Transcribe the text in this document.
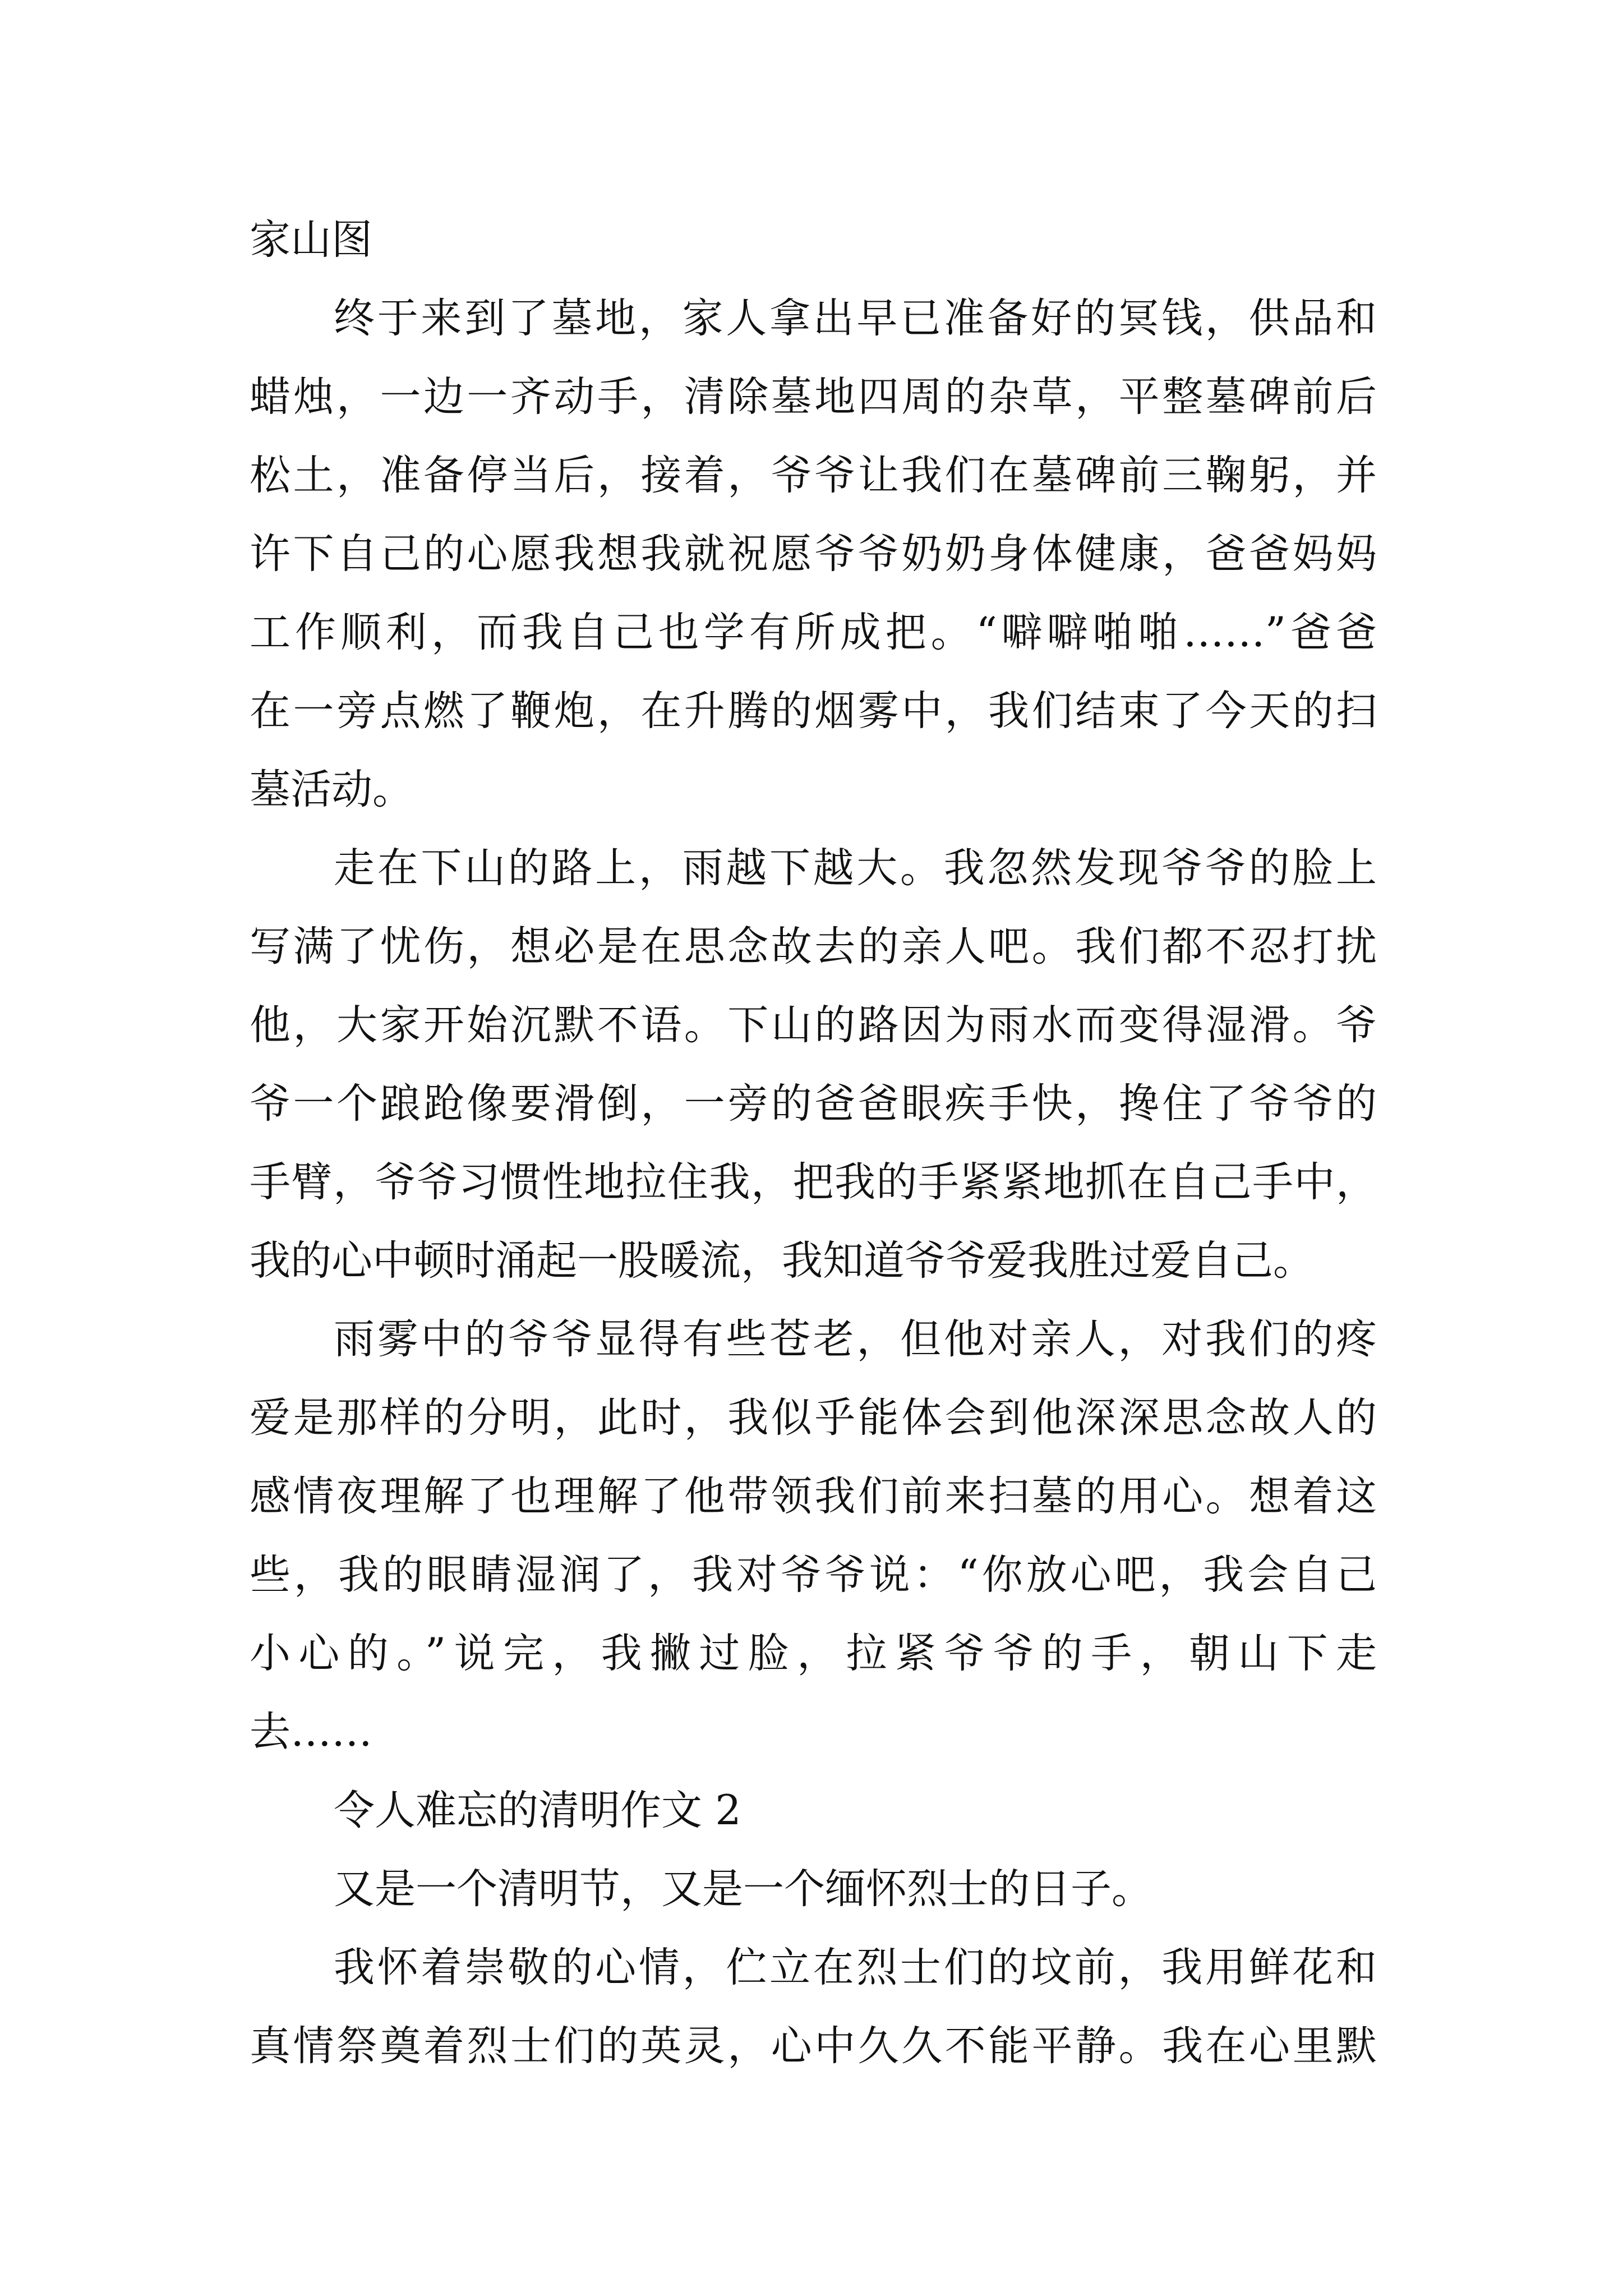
家山图
终于来到了墓地，家人拿出早已准备好的冥钱，供品和
蜡烛，一边一齐动手，清除墓地四周的杂草，平整墓碑前后
松土，准备停当后，接着，爷爷让我们在墓碑前三鞠躬，并
许下自己的心愿我想我就祝愿爷爷奶奶身体健康，爸爸妈妈
工作顺利，而我自己也学有所成把。“噼噼啪啪……”爸爸
在一旁点燃了鞭炮，在升腾的烟雾中，我们结束了今天的扫
墓活动。
走在下山的路上，雨越下越大。我忽然发现爷爷的脸上
写满了忧伤，想必是在思念故去的亲人吧。我们都不忍打扰
他，大家开始沉默不语。下山的路因为雨水而变得湿滑。爷
爷一个踉跄像要滑倒，一旁的爸爸眼疾手快，搀住了爷爷的
手臂，爷爷习惯性地拉住我，把我的手紧紧地抓在自己手中，
我的心中顿时涌起一股暖流，我知道爷爷爱我胜过爱自己。
雨雾中的爷爷显得有些苍老，但他对亲人，对我们的疼
爱是那样的分明，此时，我似乎能体会到他深深思念故人的
感情夜理解了也理解了他带领我们前来扫墓的用心。想着这
些，我的眼睛湿润了，我对爷爷说：“你放心吧，我会自己
小心的。”说完，我撇过脸，拉紧爷爷的手，朝山下走
去……
令人难忘的清明作文 2
又是一个清明节，又是一个缅怀烈士的日子。
我怀着崇敬的心情，伫立在烈士们的坟前，我用鲜花和
真情祭奠着烈士们的英灵，心中久久不能平静。我在心里默
